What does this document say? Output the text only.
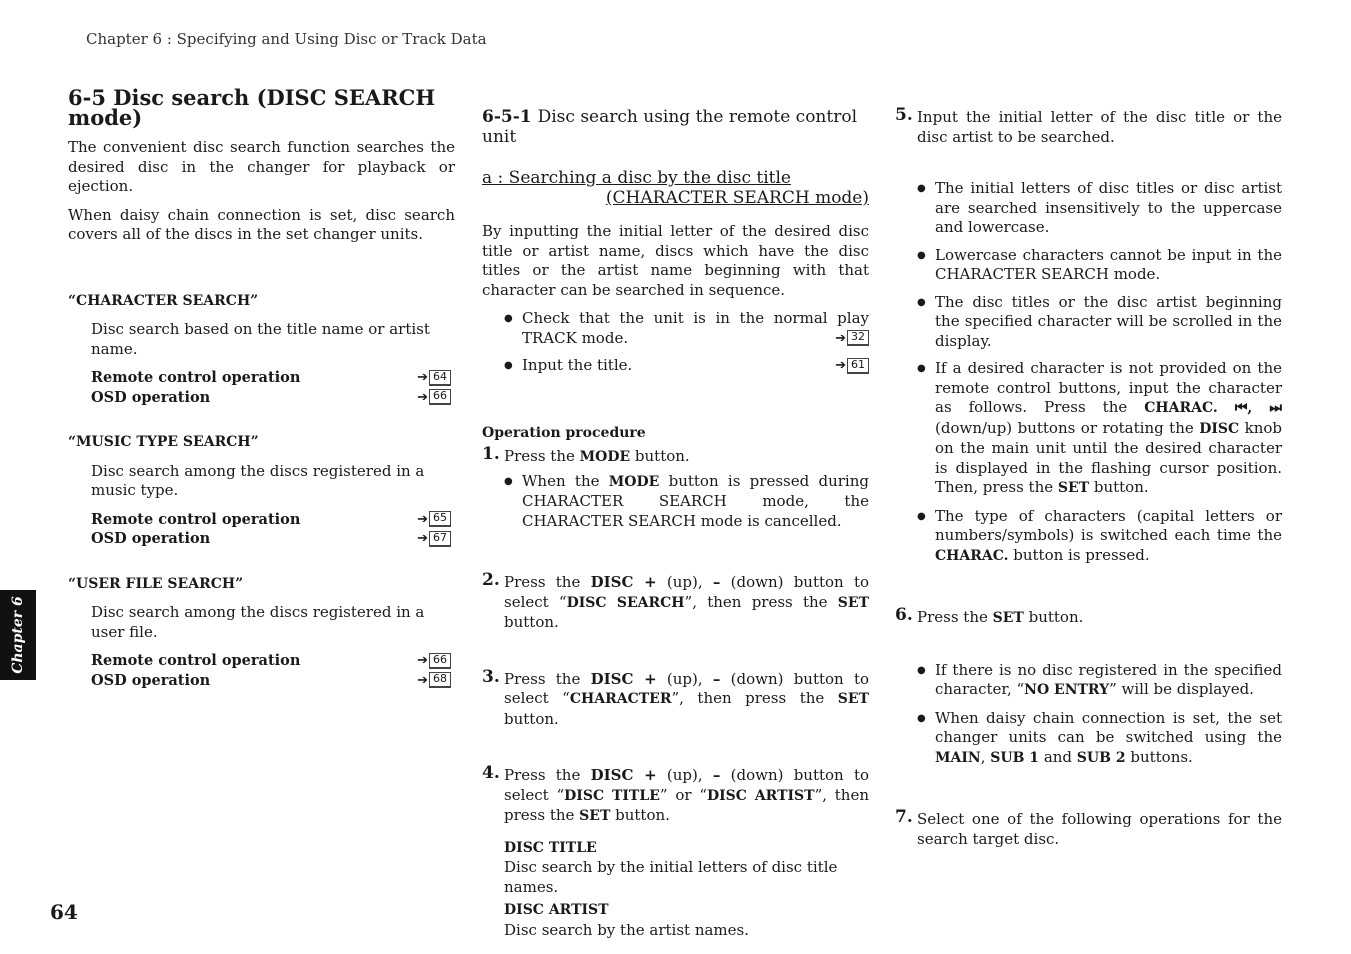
Chapter 6 : Specifying and Using Disc or Track Data
6-5 Disc search (DISC SEARCH mode)

The convenient disc search function searches the desired disc in the changer for playback or ejection.

When daisy chain connection is set, disc search covers all of the discs in the set changer units.

“CHARACTER SEARCH”

Disc search based on the title name or artist name.

Remote control operation	➔ 64
OSD operation	➔ 66

“MUSIC TYPE SEARCH”

Disc search among the discs registered in a music type.

Remote control operation	➔ 65
OSD operation	➔ 67

“USER FILE SEARCH”

Disc search among the discs registered in a user file.

Remote control operation	➔ 66
OSD operation	➔ 68

6-5-1 Disc search using the remote control unit

a : Searching a disc by the disc title

(CHARACTER SEARCH mode)

By inputting the initial letter of the desired disc title or artist name, discs which have the disc titles or the artist name beginning with that character can be searched in sequence.

● Check that the unit is in the normal play TRACK mode.	➔ 32

● Input the title.	➔ 61

Operation procedure

1. Press the MODE button.

● When the MODE button is pressed during CHARACTER SEARCH mode, the CHARACTER SEARCH mode is cancelled.

2. Press the DISC + (up), – (down) button to select “DISC SEARCH”, then press the SET button.

3. Press the DISC + (up), – (down) button to select “CHARACTER”, then press the SET button.

4. Press the DISC + (up), – (down) button to select “DISC TITLE” or “DISC ARTIST”, then press the SET button.

DISC TITLE
Disc search by the initial letters of disc title names.
DISC ARTIST
Disc search by the artist names.

5. Input the initial letter of the disc title or the disc artist to be searched.

● The initial letters of disc titles or disc artist are searched insensitively to the uppercase and lowercase.

● Lowercase characters cannot be input in the CHARACTER SEARCH mode.

● The disc titles or the disc artist beginning the specified character will be scrolled in the display.

● If a desired character is not provided on the remote control buttons, input the character as follows. Press the CHARAC. ⏮, ⏭ (down/up) buttons or rotating the DISC knob on the main unit until the desired character is displayed in the flashing cursor position. Then, press the SET button.

● The type of characters (capital letters or numbers/symbols) is switched each time the CHARAC. button is pressed.

6. Press the SET button.

● If there is no disc registered in the specified character, “NO ENTRY” will be displayed.

● When daisy chain connection is set, the set changer units can be switched using the MAIN, SUB 1 and SUB 2 buttons.

7. Select one of the following operations for the search target disc.

Chapter 6
64
